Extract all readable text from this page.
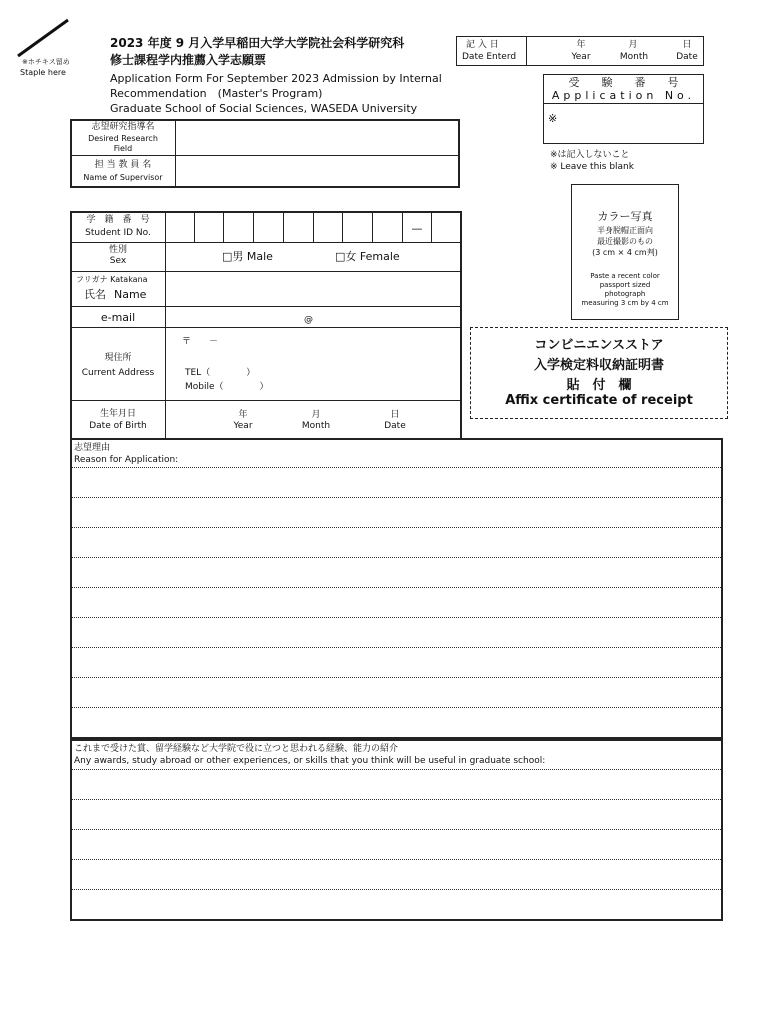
※ホチキス留め
Staple here
2023 年度 9 月入学早稲田大学大学院社会科学研究科
修士課程学内推薦入学志願票
Application Form For September 2023 Admission by Internal
Recommendation　(Master's Program)
Graduate School of Social Sciences, WASEDA University
記 入 日
Date Enterd
年
Year
月
Month
日
Date
受　　験　　番　　号
Application No.
※
※は記入しないこと
※ Leave this blank
志望研究指導名
Desired Research
Field
担 当 教 員 名
Name of Supervisor
カラー写真
半身脱帽正面向
最近撮影のもの
(3 cm × 4 cm判)
Paste a recent color
passport sized
photograph
measuring 3 cm by 4 cm
学　籍　番　号
Student ID No.	—
性別
Sex	□男 Male	□女 Female
フリガナ Katakana
氏名 Name
e-mail	@
現住所
Current Address
〒　　－
TEL（　　　　）
Mobile（　　　　）
生年月日
Date of Birth
年
Year
月
Month
日
Date
コンビニエンスストア
入学検定料収納証明書
貼　付　欄
Affix certificate of receipt
志望理由
Reason for Application:
これまで受けた賞、留学経験など大学院で役に立つと思われる経験、能力の紹介
Any awards, study abroad or other experiences, or skills that you think will be useful in graduate school:
